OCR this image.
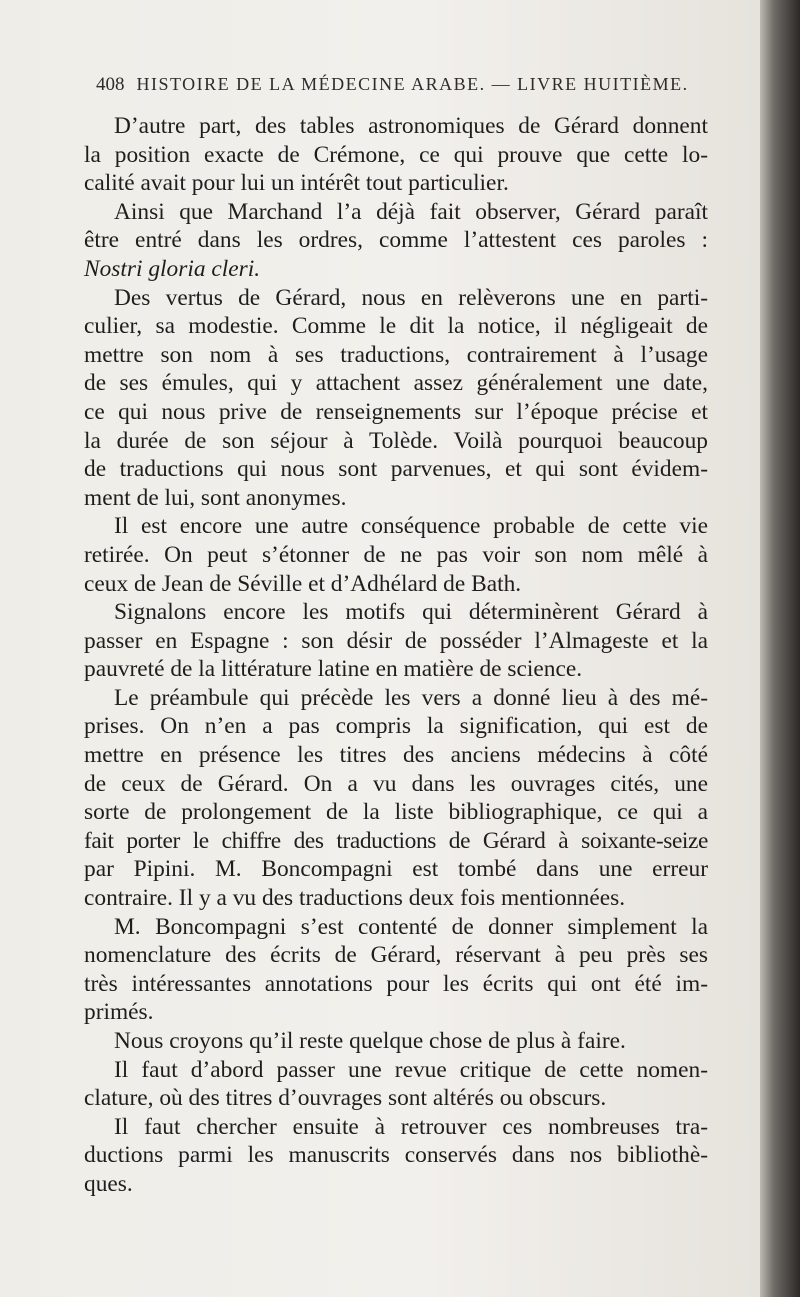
408 HISTOIRE DE LA MÉDECINE ARABE. — LIVRE HUITIÈME.

D’autre part, des tables astronomiques de Gérard donnent
la position exacte de Crémone, ce qui prouve que cette lo-
calité avait pour lui un intérêt tout particulier.

Ainsi que Marchand l’a déjà fait observer, Gérard paraît
être entré dans les ordres, comme l’attestent ces paroles :
Nostri gloria cleri.

Des vertus de Gérard, nous en relèverons une en parti-
culier, sa modestie. Comme le dit la notice, il négligeait de
mettre son nom à ses traductions, contrairement à l’usage
de ses émules, qui y attachent assez généralement une date,
ce qui nous prive de renseignements sur l’époque précise et
la durée de son séjour à Tolède. Voilà pourquoi beaucoup
de traductions qui nous sont parvenues, et qui sont évidem-
ment de lui, sont anonymes.

Il est encore une autre conséquence probable de cette vie
retirée. On peut s’étonner de ne pas voir son nom mêlé à
ceux de Jean de Séville et d’Adhélard de Bath.

Signalons encore les motifs qui déterminèrent Gérard à
passer en Espagne : son désir de posséder l’Almageste et la
pauvreté de la littérature latine en matière de science.

Le préambule qui précède les vers a donné lieu à des mé-
prises. On n’en a pas compris la signification, qui est de
mettre en présence les titres des anciens médecins à côté
de ceux de Gérard. On a vu dans les ouvrages cités, une
sorte de prolongement de la liste bibliographique, ce qui a
fait porter le chiffre des traductions de Gérard à soixante-seize
par Pipini. M. Boncompagni est tombé dans une erreur
contraire. Il y a vu des traductions deux fois mentionnées.

M. Boncompagni s’est contenté de donner simplement la
nomenclature des écrits de Gérard, réservant à peu près ses
très intéressantes annotations pour les écrits qui ont été im-
primés.

Nous croyons qu’il reste quelque chose de plus à faire.

Il faut d’abord passer une revue critique de cette nomen-
clature, où des titres d’ouvrages sont altérés ou obscurs.

Il faut chercher ensuite à retrouver ces nombreuses tra-
ductions parmi les manuscrits conservés dans nos bibliothè-
ques.
